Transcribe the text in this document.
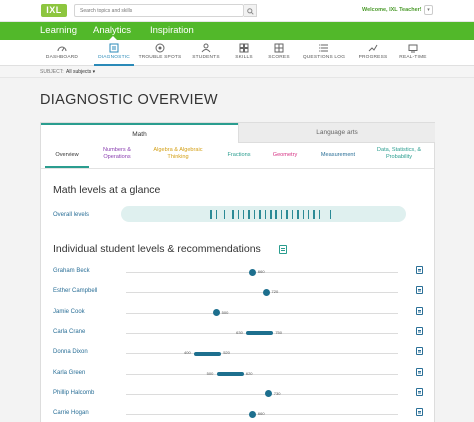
IXL
Search topics and skills	Welcome, IXL Teacher!	▾
Learning Analytics Inspiration
DASHBOARD	DIAGNOSTIC	TROUBLE SPOTS	STUDENTS	SKILLS	SCORES	QUESTIONS LOG	PROGRESS	REAL-TIME
SUBJECT: All subjects ▾
DIAGNOSTIC OVERVIEW
Math	Language arts
Overview
Numbers & Operations
Algebra & Algebraic Thinking	Fractions	Geometry	Measurement
Data, Statistics, & Probability
Math levels at a glance
Overall levels
Individual student levels & recommendations
Graham Beck	660
Esther Campbell	720
Jamie Cook	500
Carla Crane	630	750
Donna Dixon	400	520
Karla Green	500	620
Phillip Halcomb	730
Carrie Hogan	660
